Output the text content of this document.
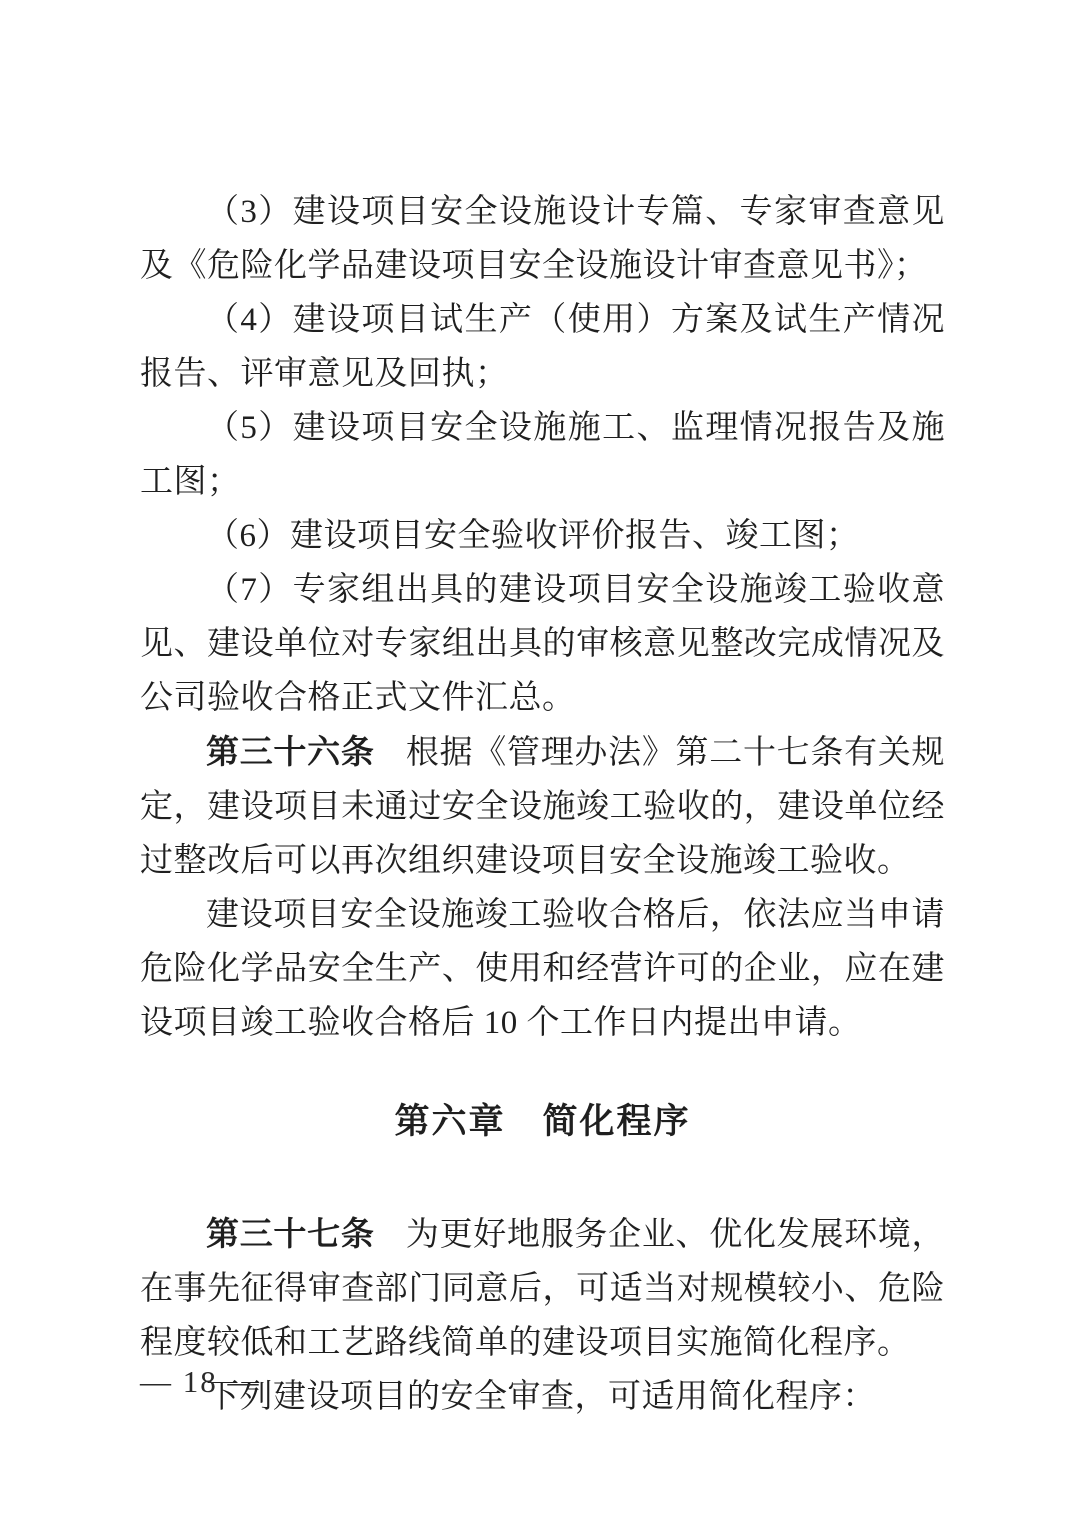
（3）建设项目安全设施设计专篇、专家审查意见及《危险化学品建设项目安全设施设计审查意见书》；

（4）建设项目试生产（使用）方案及试生产情况报告、评审意见及回执；

（5）建设项目安全设施施工、监理情况报告及施工图；

（6）建设项目安全验收评价报告、竣工图；

（7）专家组出具的建设项目安全设施竣工验收意见、建设单位对专家组出具的审核意见整改完成情况及公司验收合格正式文件汇总。

第三十六条 根据《管理办法》第二十七条有关规定，建设项目未通过安全设施竣工验收的，建设单位经过整改后可以再次组织建设项目安全设施竣工验收。

建设项目安全设施竣工验收合格后，依法应当申请危险化学品安全生产、使用和经营许可的企业，应在建设项目竣工验收合格后 10 个工作日内提出申请。

第六章　简化程序

第三十七条 为更好地服务企业、优化发展环境，在事先征得审查部门同意后，可适当对规模较小、危险程度较低和工艺路线简单的建设项目实施简化程序。

下列建设项目的安全审查，可适用简化程序：

— 18 —
